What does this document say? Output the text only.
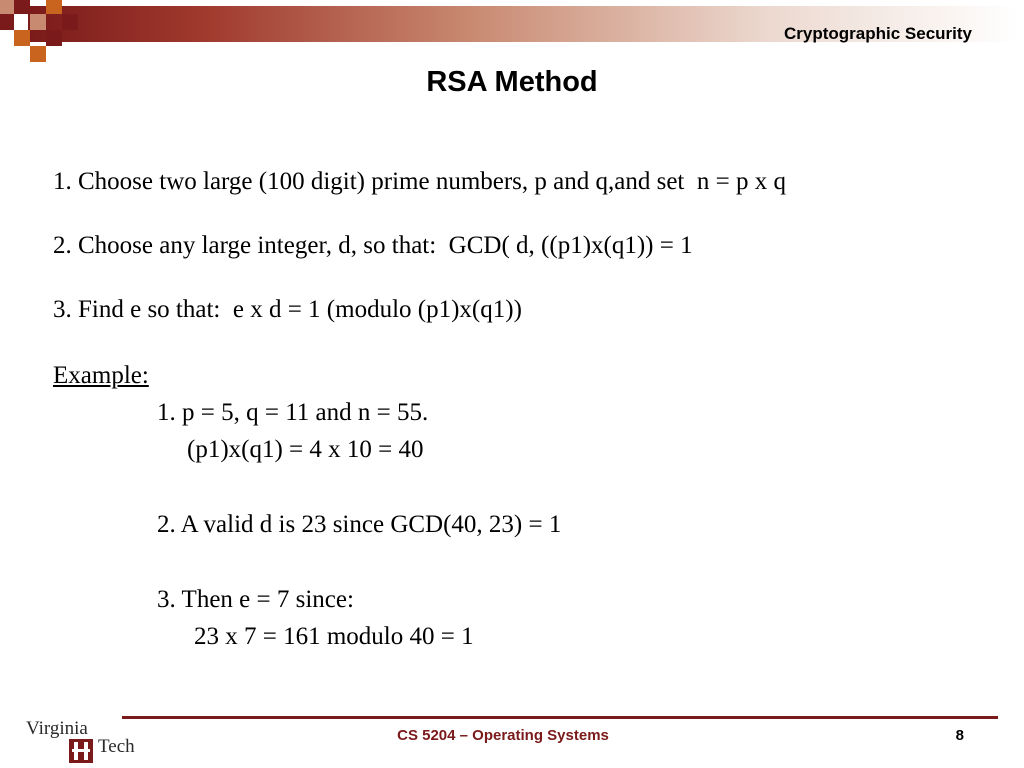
Cryptographic Security
RSA Method
1. Choose two large (100 digit) prime numbers, p and q,and set  n = p x q
2. Choose any large integer, d, so that:  GCD( d, ((p1)x(q1)) = 1
3. Find e so that:  e x d = 1 (modulo (p1)x(q1))
Example:
1. p = 5, q = 11 and n = 55.
(p1)x(q1) = 4 x 10 = 40
2. A valid d is 23 since GCD(40, 23) = 1
3. Then e = 7 since:
23 x 7 = 161 modulo 40 = 1
Virginia
Tech
CS 5204 – Operating Systems	8
